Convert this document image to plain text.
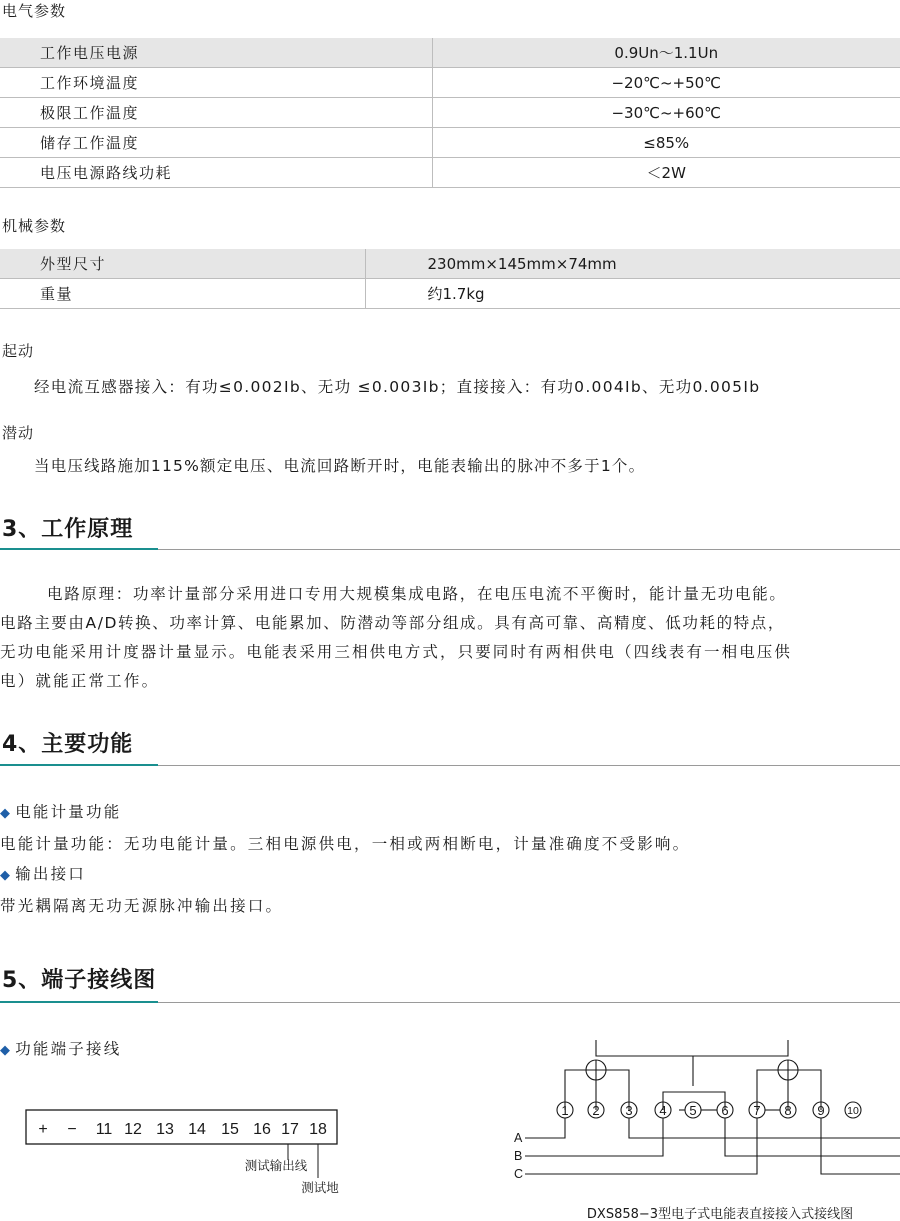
电气参数
工作电压电源	0.9Un～1.1Un
工作环境温度	−20℃~+50℃
极限工作温度	−30℃~+60℃
储存工作温度	≤85%
电压电源路线功耗	＜2W
机械参数
外型尺寸	230mm×145mm×74mm
重量	约1.7kg
起动
经电流互感器接入：有功≤0.002Ib、无功 ≤0.003Ib；直接接入：有功0.004Ib、无功0.005Ib
潜动
当电压线路施加115%额定电压、电流回路断开时，电能表输出的脉冲不多于1个。
3、工作原理
电路原理：功率计量部分采用进口专用大规模集成电路，在电压电流不平衡时，能计量无功电能。
电路主要由A/D转换、功率计算、电能累加、防潜动等部分组成。具有高可靠、高精度、低功耗的特点，
无功电能采用计度器计量显示。电能表采用三相供电方式，只要同时有两相供电（四线表有一相电压供
电）就能正常工作。
4、主要功能
◆ 电能计量功能
电能计量功能：无功电能计量。三相电源供电，一相或两相断电，计量准确度不受影响。
◆ 输出接口
带光耦隔离无功无源脉冲输出接口。
5、端子接线图
◆ 功能端子接线
+ − 11 12 13 14 15 16 17 18
测试输出线
测试地
1 2 3 4 5 6 7 8 9 10
A
B
C
DXS858−3型电子式电能表直接接入式接线图
